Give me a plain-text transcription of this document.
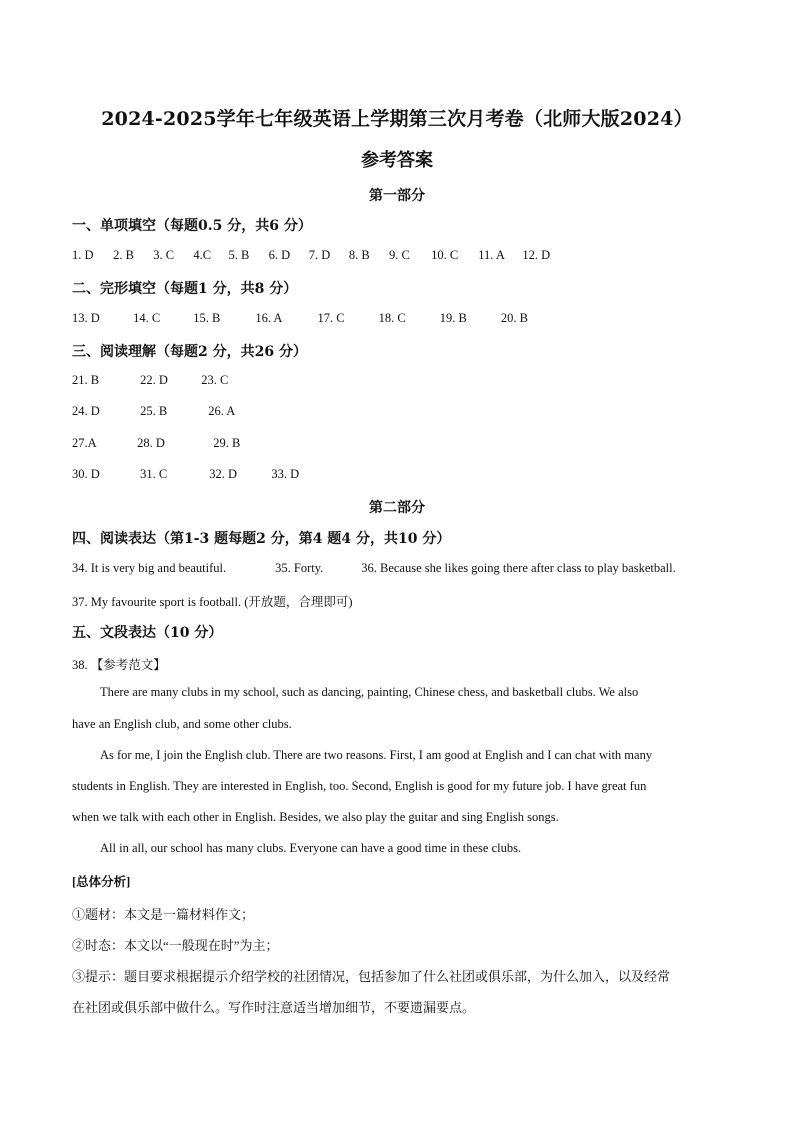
2024-2025学年七年级英语上学期第三次月考卷（北师大版2024）
参考答案
第一部分
一、单项填空（每题0.5 分，共6 分）
1. D 2. B 3. C 4.C 5. B 6. D 7. D 8. B 9. C 10. C 11. A 12. D
二、完形填空（每题1 分，共8 分）
13. D	14. C	15. B	16. A	17. C	18. C	19. B	20. B
三、阅读理解（每题2 分，共26 分）
21. B	22. D	23. C
24. D	25. B	26. A
27.A	28. D	29. B
30. D	31. C	32. D	33. D
第二部分
四、阅读表达（第1-3 题每题2 分，第4 题4 分，共10 分）
34. It is very big and beautiful.	35. Forty.	36. Because she likes going there after class to play basketball.
37. My favourite sport is football. (开放题，合理即可)
五、文段表达（10 分）
38. 【参考范文】
There are many clubs in my school, such as dancing, painting, Chinese chess, and basketball clubs. We also
have an English club, and some other clubs.
As for me, I join the English club. There are two reasons. First, I am good at English and I can chat with many
students in English. They are interested in English, too. Second, English is good for my future job. I have great fun
when we talk with each other in English. Besides, we also play the guitar and sing English songs.
All in all, our school has many clubs. Everyone can have a good time in these clubs.
[总体分析]
①题材：本文是一篇材料作文；
②时态：本文以“一般现在时”为主；
③提示：题目要求根据提示介绍学校的社团情况，包括参加了什么社团或俱乐部，为什么加入，以及经常
在社团或俱乐部中做什么。写作时注意适当增加细节，不要遗漏要点。
